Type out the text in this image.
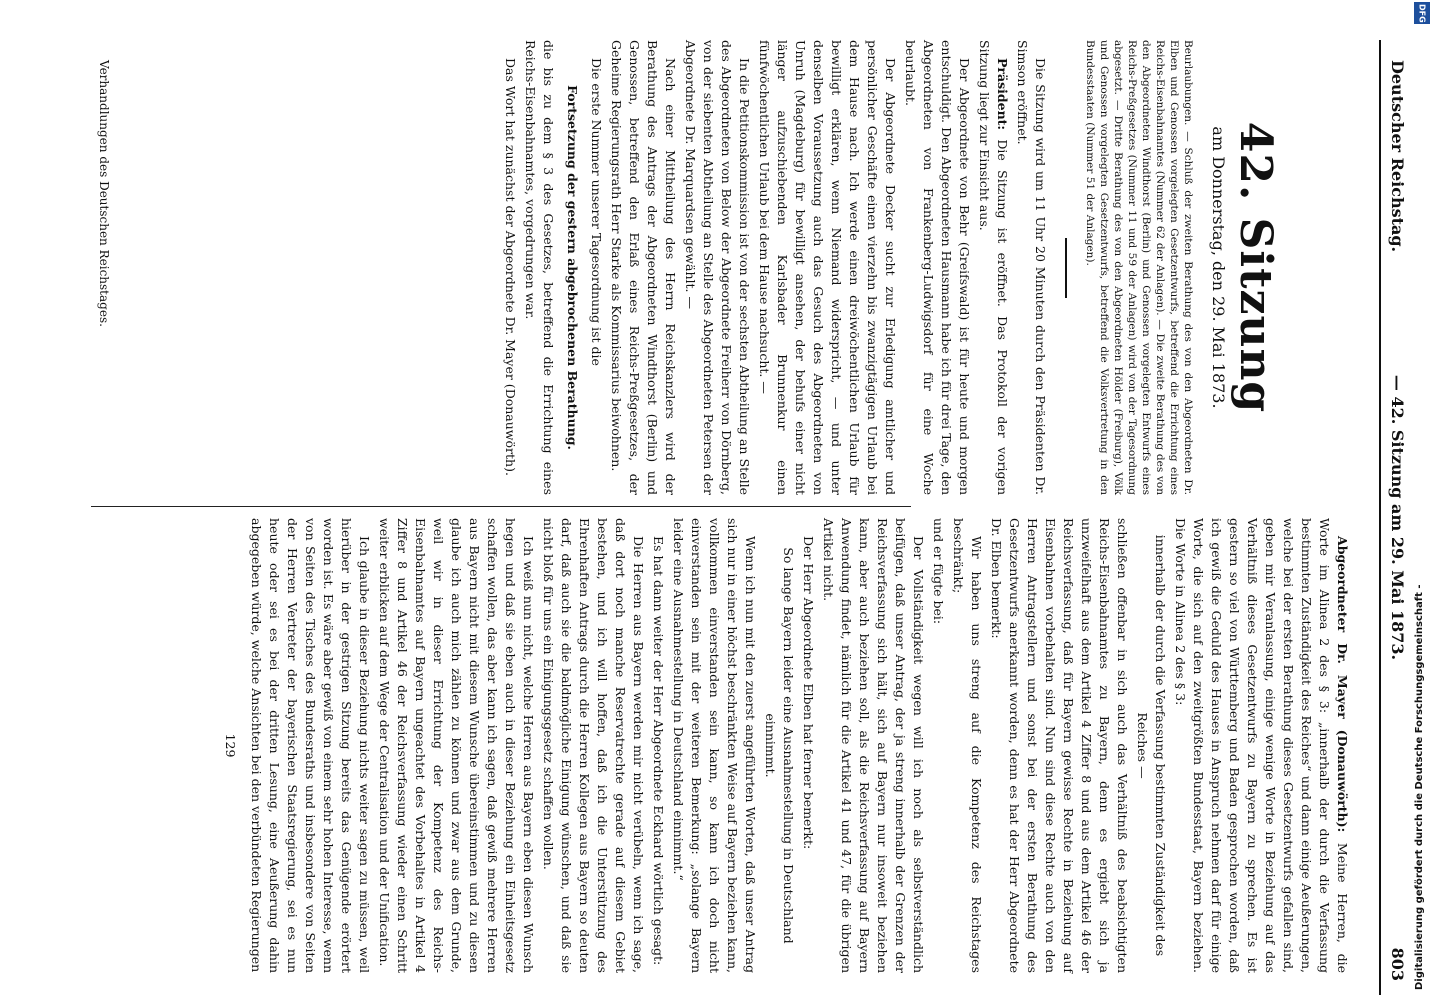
Deutscher Reichstag.
— 42. Sitzung am 29. Mai 1873.
803
42. Sitzung
am Donnerstag, den 29. Mai 1873.

Beurlaubungen. — Schluß der zweiten Berathung des von den Abgeordneten Dr. Elben und Genossen vorgelegten Gesetzentwurfs, betreffend die Errichtung eines Reichs-Eisenbahnamtes (Nummer 62 der Anlagen). — Die zweite Berathung des von den Abgeordneten Windthorst (Berlin) und Genossen vorgelegten Entwurfs eines Reichs-Preßgesetzes (Nummer 11 und 59 der Anlagen) wird von der Tagesordnung abgesetzt. — Dritte Berathung des von den Abgeordneten Hölder (Freiburg), Völk und Genossen vorgelegten Gesetzentwurfs, betreffend die Volksvertretung in den Bundesstaaten (Nummer 51 der Anlagen).

Die Sitzung wird um 11 Uhr 20 Minuten durch den Präsidenten Dr. Simson eröffnet.

Präsident: Die Sitzung ist eröffnet. Das Protokoll der vorigen Sitzung liegt zur Einsicht aus.

Der Abgeordnete von Behr (Greifswald) ist für heute und morgen entschuldigt. Den Abgeordneten Hausmann habe ich für drei Tage, den Abgeordneten von Frankenberg-Ludwigsdorf für eine Woche beurlaubt.

Der Abgeordnete Decker sucht zur Erledigung amtlicher und persönlicher Geschäfte einen vierzehn bis zwanzigtägigen Urlaub bei dem Hause nach. Ich werde einen dreiwöchentlichen Urlaub für bewilligt erklären, wenn Niemand widerspricht, — und unter denselben Voraussetzung auch das Gesuch des Abgeordneten von Unruh (Magdeburg) für bewilligt ansehen, der behufs einer nicht länger aufzuschiebenden Karlsbader Brunnenkur einen fünfwöchentlichen Urlaub bei dem Hause nachsucht. —

In die Petitionskommission ist von der sechsten Abtheilung an Stelle des Abgeordneten von Below der Abgeordnete Freiherr von Dörnberg, von der siebenten Abtheilung an Stelle des Abgeordneten Petersen der Abgeordnete Dr. Marquardsen gewählt. —

Nach einer Mittheilung des Herrn Reichskanzlers wird der Berathung des Antrags der Abgeordneten Windthorst (Berlin) und Genossen, betreffend den Erlaß eines Reichs-Preßgesetzes, der Geheime Regierungsrath Herr Starke als Kommissarius beiwohnen.

Die erste Nummer unserer Tagesordnung ist die

Fortsetzung der gestern abgebrochenen Berathung.

die bis zu dem § 3 des Gesetzes, betreffend die Errichtung eines Reichs-Eisenbahnamtes, vorgedrungen war.

Das Wort hat zunächst der Abgeordnete Dr. Mayer (Donauwörth).

Verhandlungen des Deutschen Reichstages.

Abgeordneter Dr. Mayer (Donauwörth): Meine Herren, die Worte im Alinea 2 des § 3: „innerhalb der durch die Verfassung bestimmten Zuständigkeit des Reiches“ und dann einige Aeußerungen, welche bei der ersten Berathung dieses Gesetzentwurfs gefallen sind, geben mir Veranlassung, einige wenige Worte in Beziehung auf das Verhältniß dieses Gesetzentwurfs zu Bayern zu sprechen. Es ist gestern so viel von Württemberg und Baden gesprochen worden, daß ich gewiß die Geduld des Hauses in Anspruch nehmen darf für einige Worte, die sich auf den zweitgrößten Bundesstaat, Bayern beziehen. Die Worte in Alinea 2 des § 3:

innerhalb der durch die Verfassung bestimmten Zuständigkeit des Reiches —

schließen offenbar in sich auch das Verhältniß des beabsichtigten Reichs-Eisenbahnamtes zu Bayern, denn es ergiebt sich ja unzweifelhaft aus dem Artikel 4 Ziffer 8 und aus dem Artikel 46 der Reichsverfassung, daß für Bayern gewisse Rechte in Beziehung auf Eisenbahnen vorbehalten sind. Nun sind diese Rechte auch von den Herren Antragstellern und sonst bei der ersten Berathung des Gesetzentwurfs anerkannt worden, denn es hat der Herr Abgeordnete Dr. Elben bemerkt:

Wir haben uns streng auf die Kompetenz des Reichstages beschränkt;

und er fügte bei:

Der Vollständigkeit wegen will ich noch als selbstverständlich beifügen, daß unser Antrag, der ja streng innerhalb der Grenzen der Reichsverfassung sich hält, sich auf Bayern nur insoweit beziehen kann, aber auch beziehen soll, als die Reichsverfassung auf Bayern Anwendung findet, nämlich für die Artikel 41 und 47, für die übrigen Artikel nicht.

Der Herr Abgeordnete Elben hat ferner bemerkt:

So lange Bayern leider eine Ausnahmestellung in Deutschland einnimmt.

Wenn ich nun mit den zuerst angeführten Worten, daß unser Antrag sich nur in einer höchst beschränkten Weise auf Bayern beziehen kann, vollkommen einverstanden sein kann, so kann ich doch nicht einverstanden sein mit der weiteren Bemerkung: „solange Bayern leider eine Ausnahmestellung in Deutschland einnimmt.“

Es hat dann weiter der Herr Abgeordnete Eckhard wörtlich gesagt:

Die Herren aus Bayern werden mir nicht verübeln, wenn ich sage, daß dort noch manche Reservatrechte gerade auf diesem Gebiet bestehen, und ich will hoffen, daß ich die Unterstützung des Ehrenhaften Antrags durch die Herren Kollegen aus Bayern so deuten darf, daß auch sie die baldmögliche Einigung wünschen, und daß sie nicht bloß für uns ein Einigungsgesetz schaffen wollen.

Ich weiß nun nicht, welche Herren aus Bayern eben diesen Wunsch hegen und daß sie eben auch in dieser Beziehung ein Einheitsgesetz schaffen wollen, das aber kann ich sagen, daß gewiß mehrere Herren aus Bayern nicht mit diesem Wunsche übereinstimmen und zu diesen glaube ich auch mich zählen zu können und zwar aus dem Grunde, weil wir in dieser Errichtung der Kompetenz des Reichs-Eisenbahnamtes auf Bayern ungeachtet des Vorbehaltes in Artikel 4 Ziffer 8 und Artikel 46 der Reichsverfassung wieder einen Schritt weiter erblicken auf dem Wege der Centralisation und der Unification.

Ich glaube in dieser Beziehung nichts weiter sagen zu müssen, weil hierüber in der gestrigen Sitzung bereits das Genügende erörtert worden ist. Es wäre aber gewiß von einem sehr hohen Interesse, wenn von Seiten des Tisches des Bundesraths und insbesondere von Seiten der Herren Vertreter der bayerischen Staatsregierung, sei es nun heute oder sei es bei der dritten Lesung, eine Aeußerung dahin abgegeben würde, welche Ansichten bei den verbündeten Regierungen

129
DFG
Digitalisierung gefördert durch die Deutsche Forschungsgemeinschaft -
